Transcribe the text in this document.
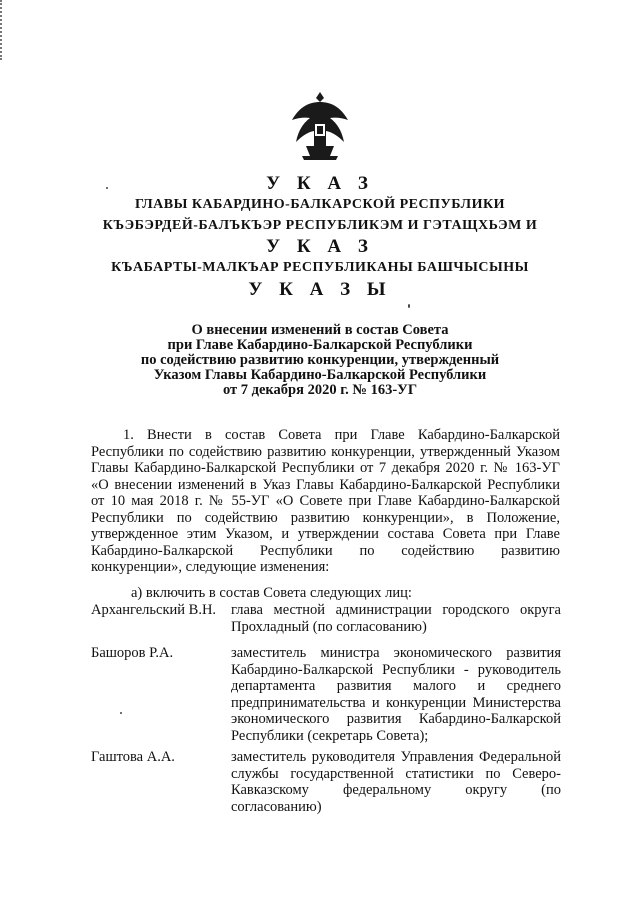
У К А З
ГЛАВЫ КАБАРДИНО-БАЛКАРСКОЙ РЕСПУБЛИКИ
КЪЭБЭРДЕЙ-БАЛЪКЪЭР РЕСПУБЛИКЭМ И ГЭТАЩХЬЭМ И
У К А З
КЪАБАРТЫ-МАЛКЪАР РЕСПУБЛИКАНЫ БАШЧЫСЫНЫ
У К А З Ы
О внесении изменений в состав Совета
при Главе Кабардино-Балкарской Республики
по содействию развитию конкуренции, утвержденный
Указом Главы Кабардино-Балкарской Республики
от 7 декабря 2020 г. № 163-УГ

1. Внести в состав Совета при Главе Кабардино-Балкарской Республики по содействию развитию конкуренции, утвержденный Указом Главы Кабардино-Балкарской Республики от 7 декабря 2020 г. № 163-УГ «О внесении изменений в Указ Главы Кабардино-Балкарской Республики от 10 мая 2018 г. № 55-УГ «О Совете при Главе Кабардино-Балкарской Республики по содействию развитию конкуренции», в Положение, утвержденное этим Указом, и утверждении состава Совета при Главе Кабардино-Балкарской Республики по содействию развитию конкуренции», следующие изменения:

а) включить в состав Совета следующих лиц:
Архангельский В.Н. глава местной администрации городского округа Прохладный (по согласованию)
Башоров Р.А.	заместитель министра экономического развития Кабардино-Балкарской Республики - руководитель департамента развития малого и среднего предпринимательства и конкуренции Министерства экономического развития Кабардино-Балкарской Республики (секретарь Совета);
Гаштова А.А.	заместитель руководителя Управления Федеральной службы государственной статистики по Северо-Кавказскому федеральному округу (по согласованию)
